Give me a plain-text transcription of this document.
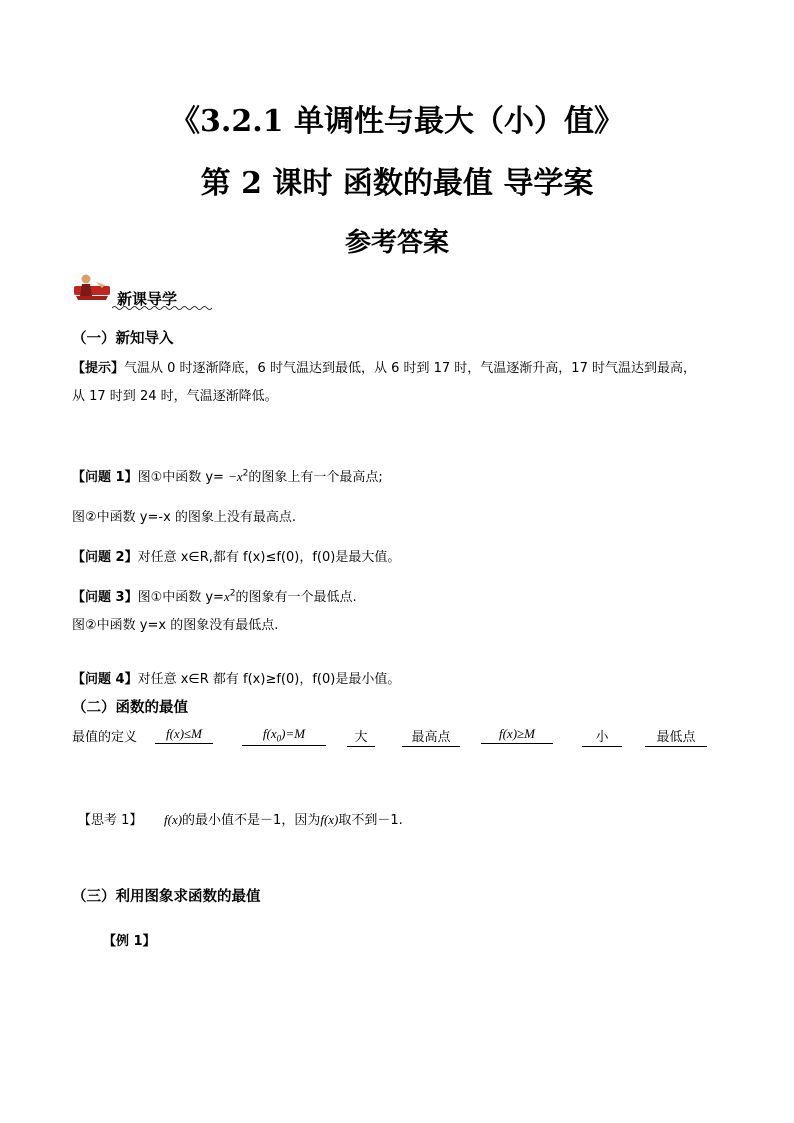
《3.2.1 单调性与最大（小）值》
第 2 课时 函数的最值 导学案
参考答案
新课导学
（一）新知导入
【提示】气温从 0 时逐渐降底，6 时气温达到最低，从 6 时到 17 时，气温逐渐升高，17 时气温达到最高，
从 17 时到 24 时，气温逐渐降低。
【问题 1】图①中函数 $y= -x^2$的图象上有一个最高点;
图②中函数 y=-x 的图象上没有最高点.
【问题 2】对任意 x∈R,都有 f(x)≤f(0)，f(0)是最大值。
【问题 3】图①中函数 $y=x^2$的图象有一个最低点.
图②中函数 y=x 的图象没有最低点.
【问题 4】对任意 x∈R 都有 f(x)≥f(0)，f(0)是最小值。
（二）函数的最值
最值的定义	f(x)≤M	$f(x_0)=M$	大	最高点	f(x)≥M	小	最低点
【思考 1】 f(x)的最小值不是－1，因为f(x)取不到－1.
（三）利用图象求函数的最值
【例 1】
